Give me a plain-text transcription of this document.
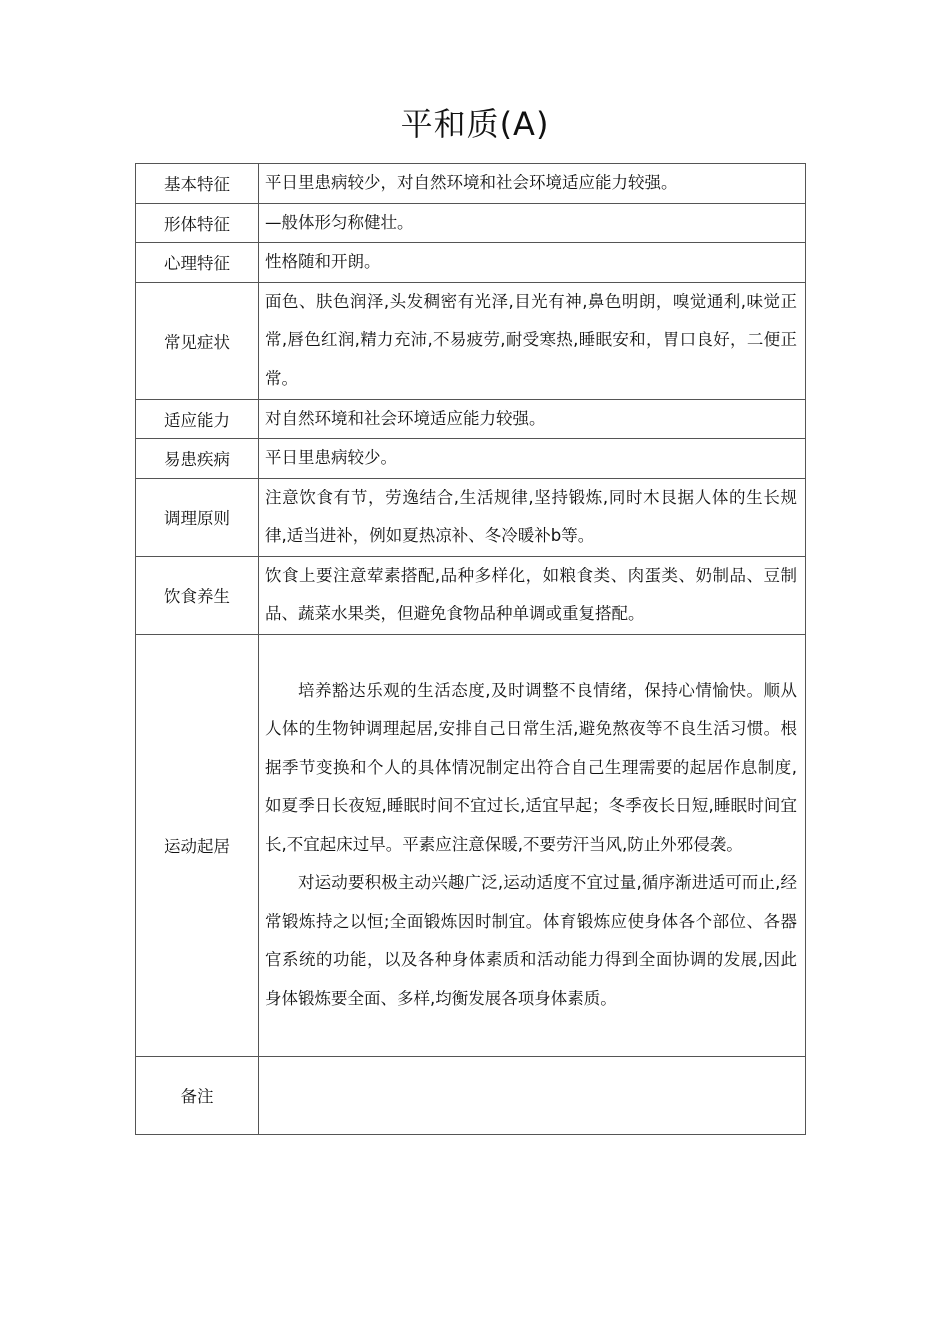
平和质(A)
基本特征	平日里患病较少，对自然环境和社会环境适应能力较强。
形体特征	—般体形匀称健壮。
心理特征	性格随和开朗。
常见症状	面色、肤色润泽,头发稠密有光泽,目光有神,鼻色明朗，嗅觉通利,味觉正常,唇色红润,精力充沛,不易疲劳,耐受寒热,睡眠安和，胃口良好，二便正常。
适应能力	对自然环境和社会环境适应能力较强。
易患疾病	平日里患病较少。
调理原则	注意饮食有节，劳逸结合,生活规律,坚持锻炼,同时木艮据人体的生长规律,适当进补，例如夏热凉补、冬冷暖补b等。
饮食养生	饮食上要注意荤素搭配,品种多样化，如粮食类、肉蛋类、奶制品、豆制品、蔬菜水果类，但避免食物品种单调或重复搭配。
运动起居	培养豁达乐观的生活态度,及时调整不良情绪，保持心情愉快。顺从人体的生物钟调理起居,安排自己日常生活,避免熬夜等不良生活习惯。根据季节变换和个人的具体情况制定出符合自己生理需要的起居作息制度,如夏季日长夜短,睡眠时间不宜过长,适宜早起；冬季夜长日短,睡眠时间宜长,不宜起床过早。平素应注意保暖,不要劳汗当风,防止外邪侵袭。

对运动要积极主动兴趣广泛,运动适度不宜过量,循序渐进适可而止,经常锻炼持之以恒;全面锻炼因时制宜。体育锻炼应使身体各个部位、各器官系统的功能，以及各种身体素质和活动能力得到全面协调的发展,因此身体锻炼要全面、多样,均衡发展各项身体素质。

备注	
